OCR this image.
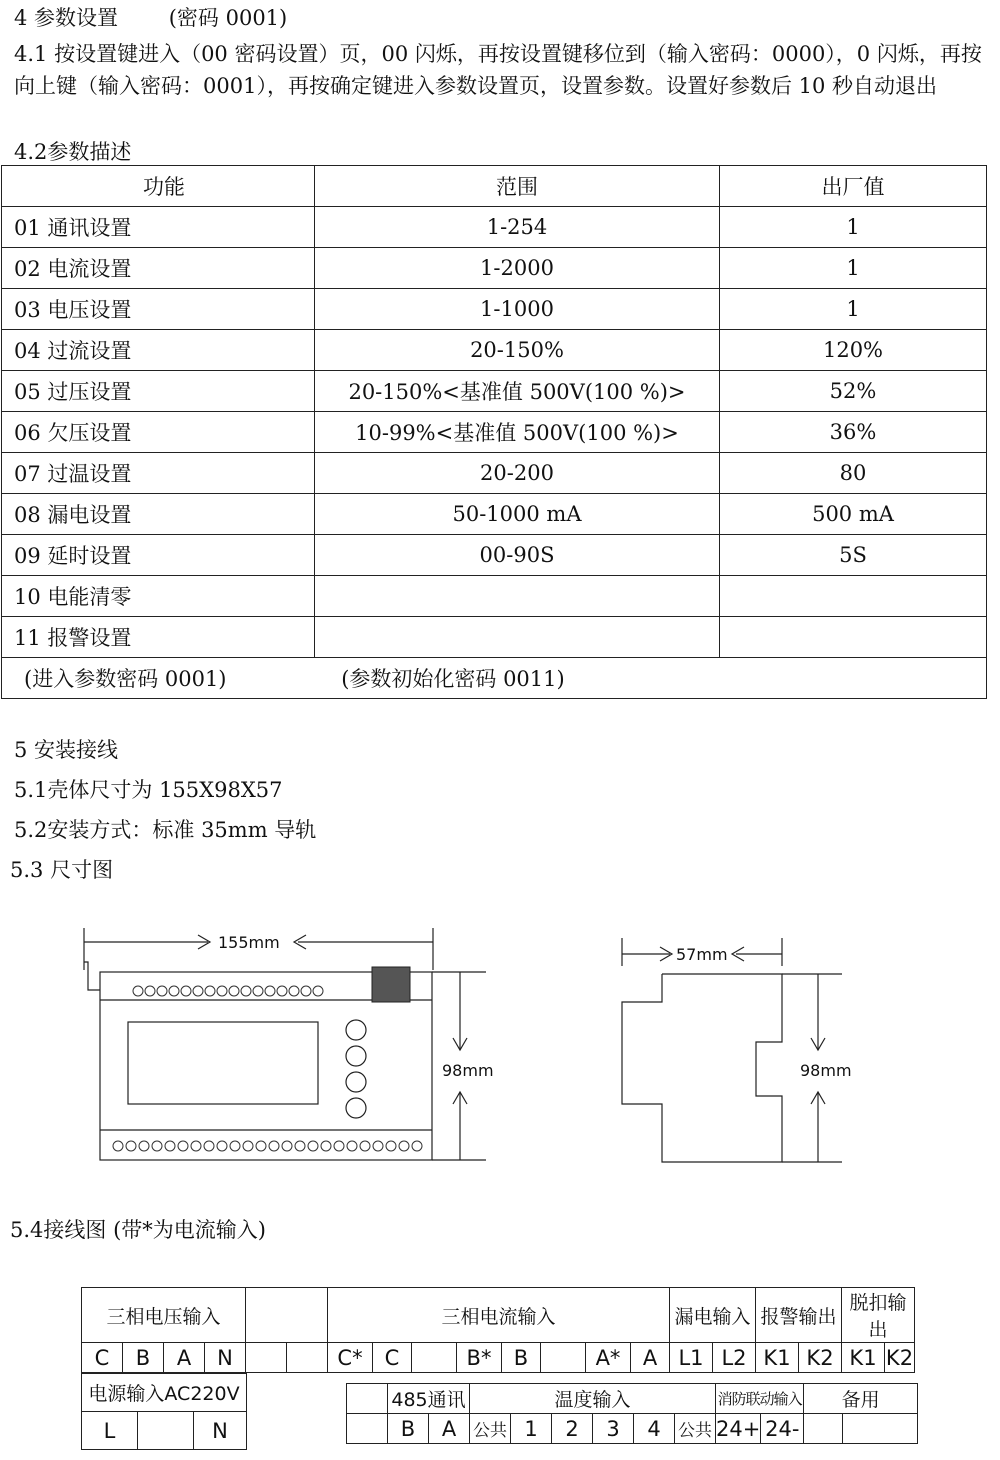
4 参数设置 (密码 0001)
4.1 按设置键进入（00 密码设置）页，00 闪烁，再按设置键移位到（输入密码：0000），0 闪烁，再按向上键（输入密码：0001），再按确定键进入参数设置页，设置参数。设置好参数后 10 秒自动退出
4.2参数描述
功能	范围	出厂值
01 通讯设置	1-254	1
02 电流设置	1-2000	1
03 电压设置	1-1000	1
04 过流设置	20-150%	120%
05 过压设置	20-150%<基准值 500V(100 %)>	52%
06 欠压设置	10-99%<基准值 500V(100 %)>	36%
07 过温设置	20-200	80
08 漏电设置	50-1000 mA	500 mA
09 延时设置	00-90S	5S
10 电能清零		
11 报警设置		
(进入参数密码 0001) (参数初始化密码 0011)		
5 安装接线
5.1壳体尺寸为 155X98X57
5.2安装方式：标准 35mm 导轨
5.3 尺寸图
155mm
98mm
57mm
98mm
5.4接线图 (带*为电流输入)
三相电压输入						三相电流输入								漏电输入		报警输出		脱扣输出	
C	B	A	N			C*	C		B*	B		A*	A	L1	L2	K1	K2	K1	K2
电源输入AC220V
L		N
	485通讯		温度输入						消防联动输入		备用	
	B	A	公共	1	2	3	4	公共	24+	24-		
